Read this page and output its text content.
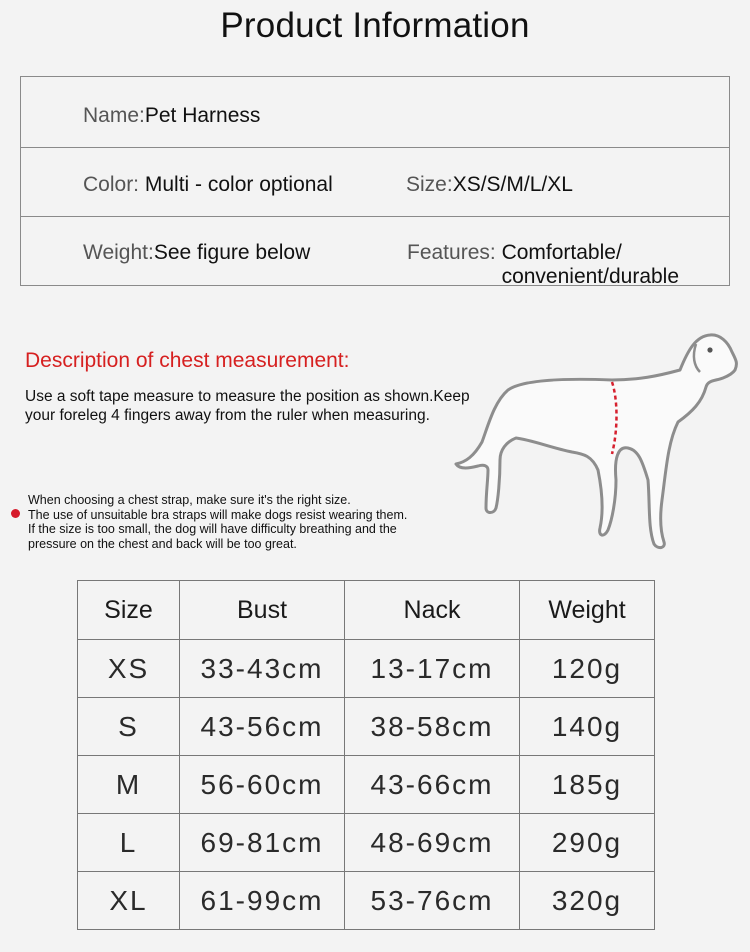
Product Information
Name:Pet Harness
Color: Multi - color optional	Size:XS/S/M/L/XL
Weight:See figure below	Features: Comfortable/
convenient/durable
Description of chest measurement:
Use a soft tape measure to measure the position as shown.Keep your foreleg 4 fingers away from the ruler when measuring.
When choosing a chest strap, make sure it's the right size.
The use of unsuitable bra straps will make dogs resist wearing them.
If the size is too small, the dog will have difficulty breathing and the
pressure on the chest and back will be too great.
Size	Bust	Nack	Weight
XS	33-43cm	13-17cm	120g
S	43-56cm	38-58cm	140g
M	56-60cm	43-66cm	185g
L	69-81cm	48-69cm	290g
XL	61-99cm	53-76cm	320g
